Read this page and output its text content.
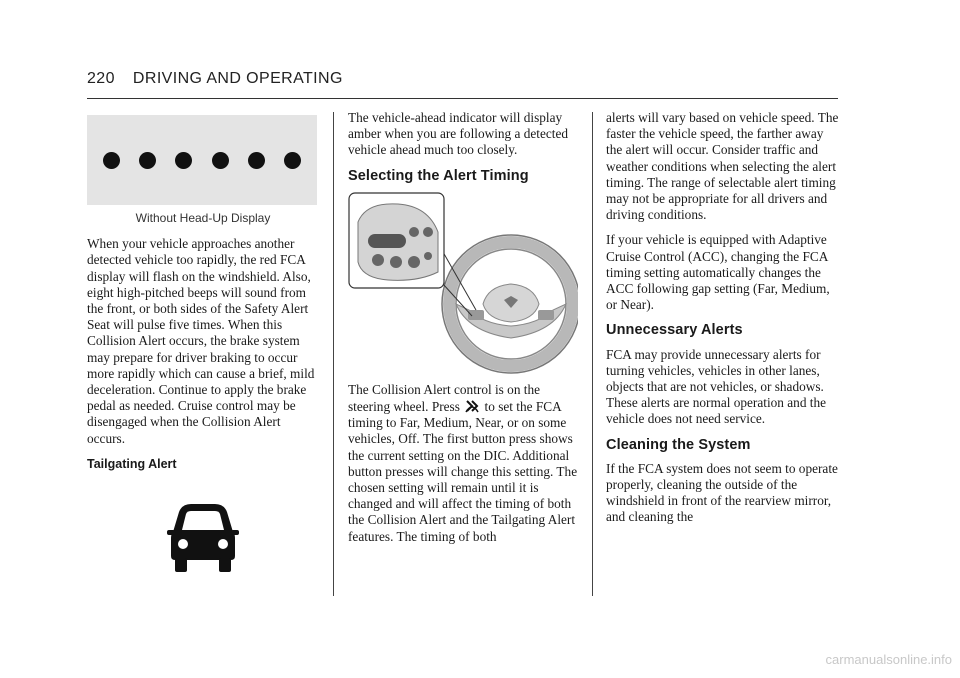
220 DRIVING AND OPERATING
Without Head-Up Display

When your vehicle approaches another detected vehicle too rapidly, the red FCA display will flash on the windshield. Also, eight high-pitched beeps will sound from the front, or both sides of the Safety Alert Seat will pulse five times. When this Collision Alert occurs, the brake system may prepare for driver braking to occur more rapidly which can cause a brief, mild deceleration. Continue to apply the brake pedal as needed. Cruise control may be disengaged when the Collision Alert occurs.

Tailgating Alert

The vehicle-ahead indicator will display amber when you are following a detected vehicle ahead much too closely.

Selecting the Alert Timing

The Collision Alert control is on the steering wheel. Press to set the FCA timing to Far, Medium, Near, or on some vehicles, Off. The first button press shows the current setting on the DIC. Additional button presses will change this setting. The chosen setting will remain until it is changed and will affect the timing of both the Collision Alert and the Tailgating Alert features. The timing of both

alerts will vary based on vehicle speed. The faster the vehicle speed, the farther away the alert will occur. Consider traffic and weather conditions when selecting the alert timing. The range of selectable alert timing may not be appropriate for all drivers and driving conditions.

If your vehicle is equipped with Adaptive Cruise Control (ACC), changing the FCA timing setting automatically changes the ACC following gap setting (Far, Medium, or Near).

Unnecessary Alerts

FCA may provide unnecessary alerts for turning vehicles, vehicles in other lanes, objects that are not vehicles, or shadows. These alerts are normal operation and the vehicle does not need service.

Cleaning the System

If the FCA system does not seem to operate properly, cleaning the outside of the windshield in front of the rearview mirror, and cleaning the

carmanualsonline.info
